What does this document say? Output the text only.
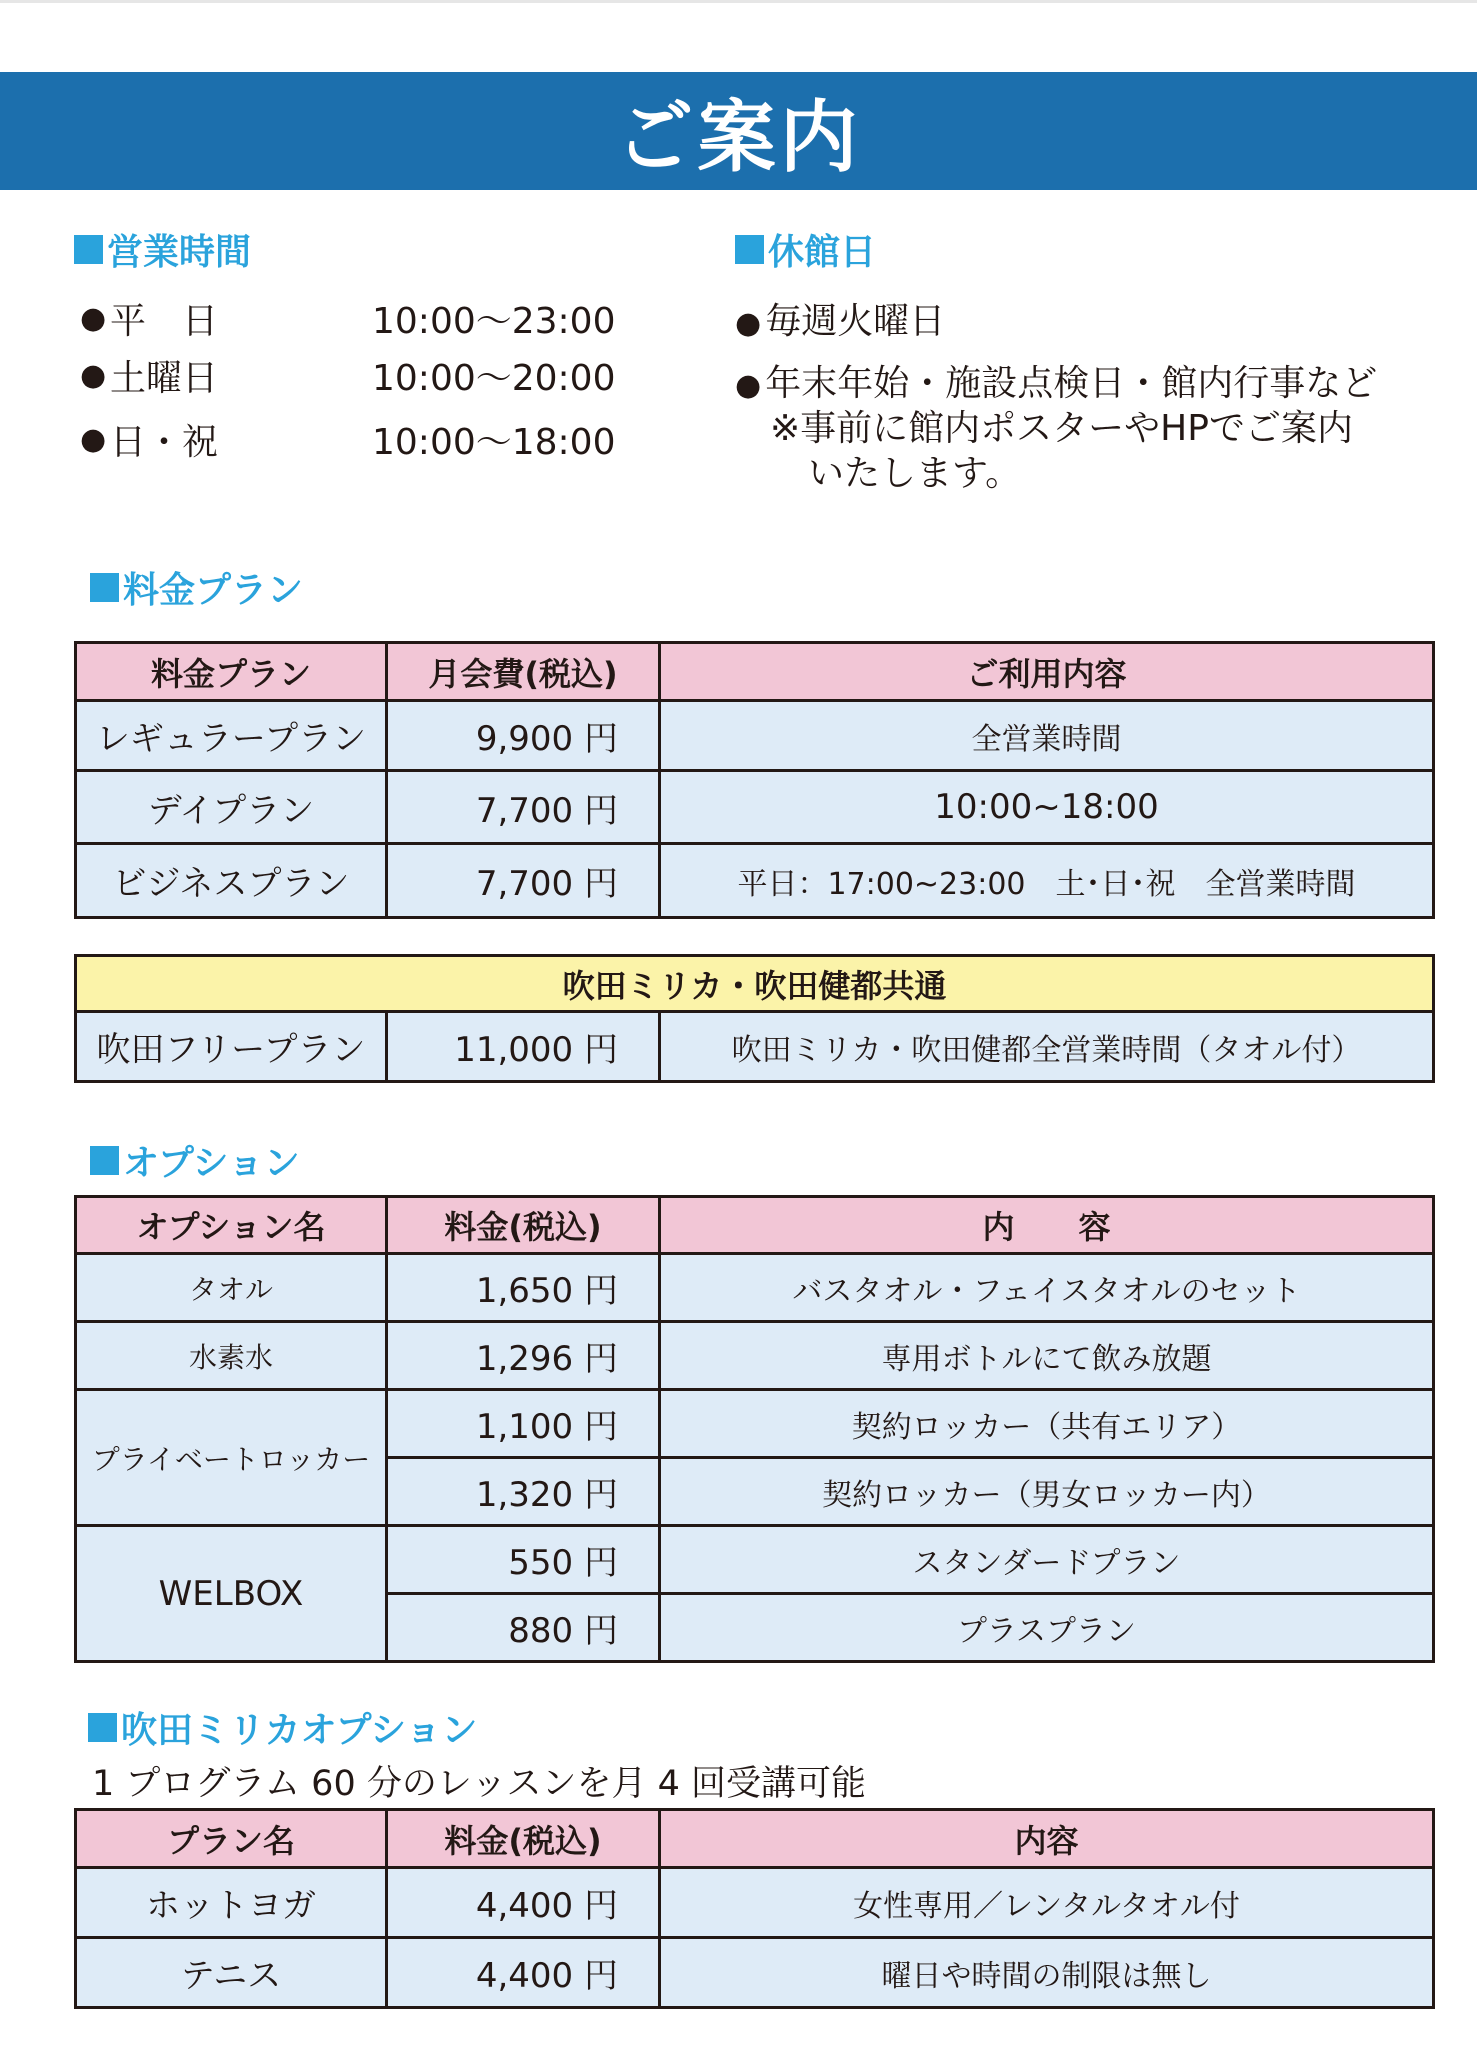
ご案内
営業時間
● 平　日	10:00～23:00
● 土曜日	10:00～20:00
● 日・祝	10:00～18:00
休館日
● 毎週火曜日
● 年末年始・施設点検日・館内行事など
※事前に館内ポスターやHPでご案内
いたします。
料金プラン
料金プラン	月会費(税込)	ご利用内容
レギュラープラン	9,900 円	全営業時間
デイプラン	7,700 円	10:00~18:00
ビジネスプラン	7,700 円	平日：17:00~23:00　土･日･祝　全営業時間
吹田ミリカ・吹田健都共通
吹田フリープラン	11,000 円	吹田ミリカ・吹田健都全営業時間（タオル付）
オプション
オプション名	料金(税込)	内　　容
タオル	1,650 円	バスタオル・フェイスタオルのセット
水素水	1,296 円	専用ボトルにて飲み放題
プライベートロッカー	1,100 円	契約ロッカー（共有エリア）
	1,320 円	契約ロッカー（男女ロッカー内）
WELBOX	550 円	スタンダードプラン
	880 円	プラスプラン
吹田ミリカオプション
1 プログラム 60 分のレッスンを月 4 回受講可能
プラン名	料金(税込)	内容
ホットヨガ	4,400 円	女性専用／レンタルタオル付
テニス	4,400 円	曜日や時間の制限は無し
